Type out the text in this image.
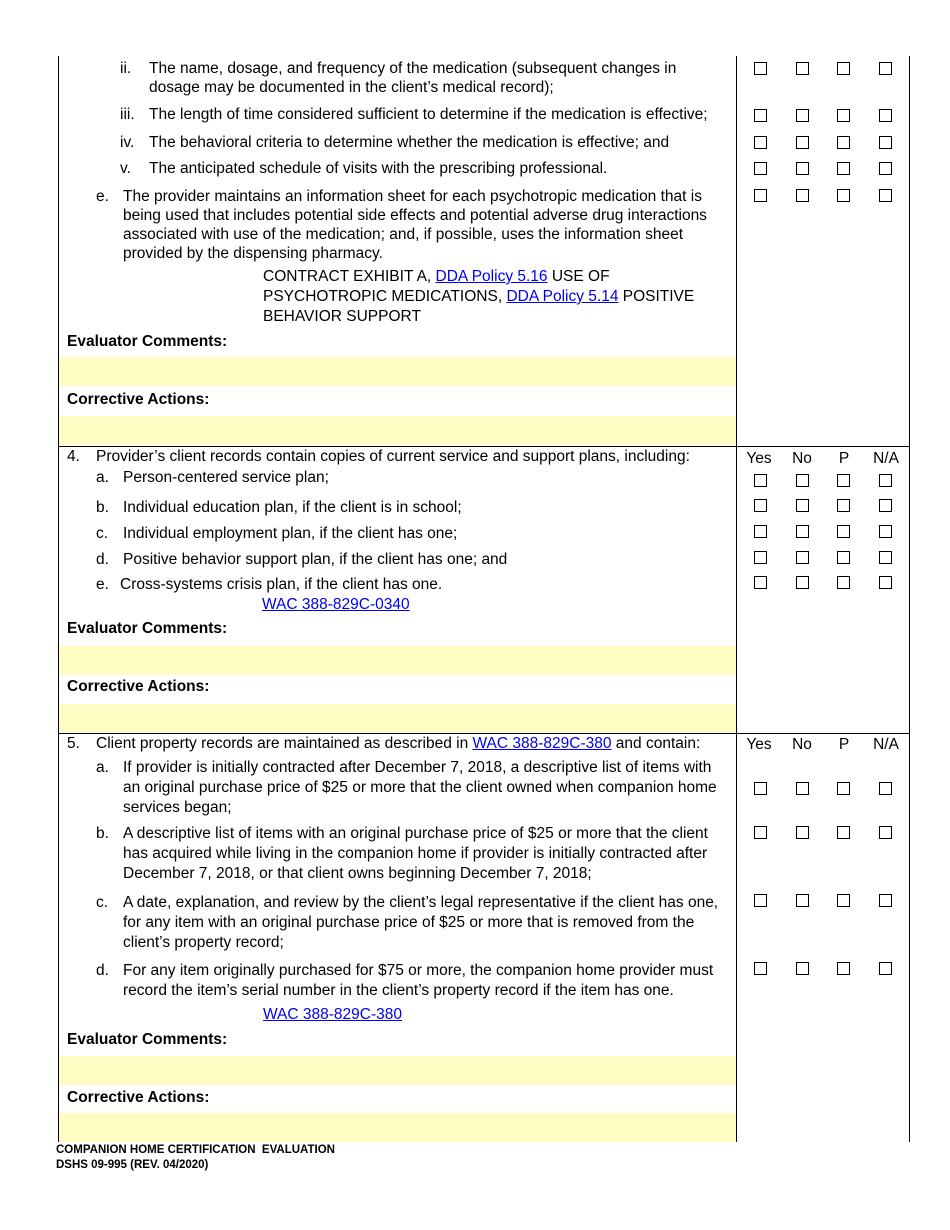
ii. The name, dosage, and frequency of the medication (subsequent changes in dosage may be documented in the client’s medical record);
iii. The length of time considered sufficient to determine if the medication is effective;
iv. The behavioral criteria to determine whether the medication is effective; and
v. The anticipated schedule of visits with the prescribing professional.
e. The provider maintains an information sheet for each psychotropic medication that is being used that includes potential side effects and potential adverse drug interactions associated with use of the medication; and, if possible, uses the information sheet provided by the dispensing pharmacy.
CONTRACT EXHIBIT A, DDA Policy 5.16 USE OF PSYCHOTROPIC MEDICATIONS, DDA Policy 5.14 POSITIVE BEHAVIOR SUPPORT
Evaluator Comments:
Corrective Actions:
4. Provider’s client records contain copies of current service and support plans, including:	Yes	No	P	N/A
a. Person-centered service plan;
b. Individual education plan, if the client is in school;
c. Individual employment plan, if the client has one;
d. Positive behavior support plan, if the client has one; and
e. Cross-systems crisis plan, if the client has one.
WAC 388-829C-0340
Evaluator Comments:
Corrective Actions:
5. Client property records are maintained as described in WAC 388-829C-380 and contain:	Yes	No	P	N/A
a. If provider is initially contracted after December 7, 2018, a descriptive list of items with an original purchase price of $25 or more that the client owned when companion home services began;
b. A descriptive list of items with an original purchase price of $25 or more that the client has acquired while living in the companion home if provider is initially contracted after December 7, 2018, or that client owns beginning December 7, 2018;
c. A date, explanation, and review by the client’s legal representative if the client has one, for any item with an original purchase price of $25 or more that is removed from the client’s property record;
d. For any item originally purchased for $75 or more, the companion home provider must record the item’s serial number in the client’s property record if the item has one.
WAC 388-829C-380
Evaluator Comments:
Corrective Actions:
COMPANION HOME CERTIFICATION  EVALUATION
DSHS 09-995 (REV. 04/2020)
